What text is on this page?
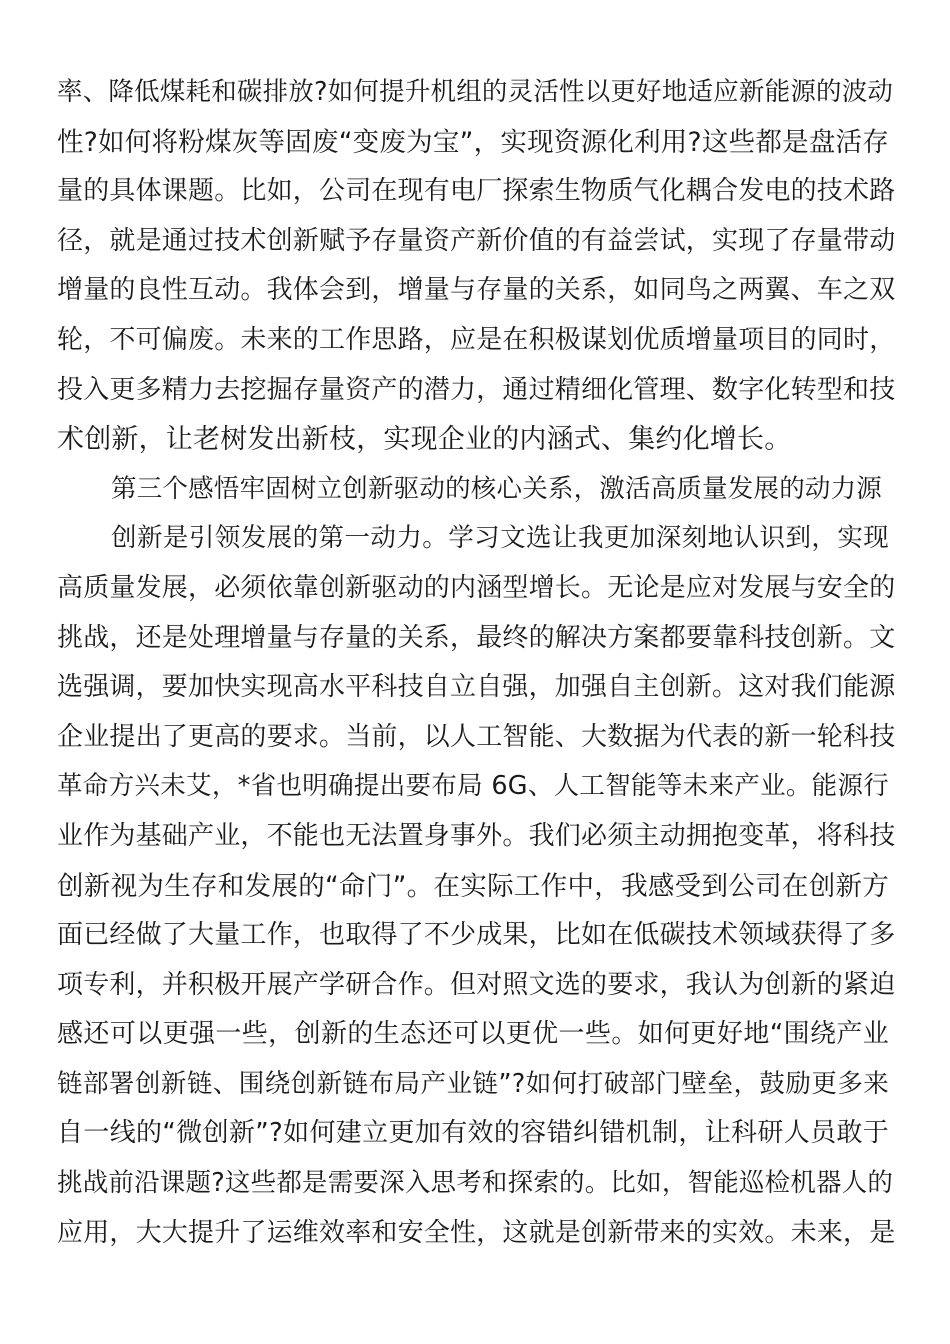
率、降低煤耗和碳排放?如何提升机组的灵活性以更好地适应新能源的波动
性?如何将粉煤灰等固废“变废为宝”，实现资源化利用?这些都是盘活存
量的具体课题。比如，公司在现有电厂探索生物质气化耦合发电的技术路
径，就是通过技术创新赋予存量资产新价值的有益尝试，实现了存量带动
增量的良性互动。我体会到，增量与存量的关系，如同鸟之两翼、车之双
轮，不可偏废。未来的工作思路，应是在积极谋划优质增量项目的同时，
投入更多精力去挖掘存量资产的潜力，通过精细化管理、数字化转型和技
术创新，让老树发出新枝，实现企业的内涵式、集约化增长。
第三个感悟牢固树立创新驱动的核心关系，激活高质量发展的动力源
创新是引领发展的第一动力。学习文选让我更加深刻地认识到，实现
高质量发展，必须依靠创新驱动的内涵型增长。无论是应对发展与安全的
挑战，还是处理增量与存量的关系，最终的解决方案都要靠科技创新。文
选强调，要加快实现高水平科技自立自强，加强自主创新。这对我们能源
企业提出了更高的要求。当前，以人工智能、大数据为代表的新一轮科技
革命方兴未艾，*省也明确提出要布局 6G、人工智能等未来产业。能源行
业作为基础产业，不能也无法置身事外。我们必须主动拥抱变革，将科技
创新视为生存和发展的“命门”。在实际工作中，我感受到公司在创新方
面已经做了大量工作，也取得了不少成果，比如在低碳技术领域获得了多
项专利，并积极开展产学研合作。但对照文选的要求，我认为创新的紧迫
感还可以更强一些，创新的生态还可以更优一些。如何更好地“围绕产业
链部署创新链、围绕创新链布局产业链”?如何打破部门壁垒，鼓励更多来
自一线的“微创新”?如何建立更加有效的容错纠错机制，让科研人员敢于
挑战前沿课题?这些都是需要深入思考和探索的。比如，智能巡检机器人的
应用，大大提升了运维效率和安全性，这就是创新带来的实效。未来，是
